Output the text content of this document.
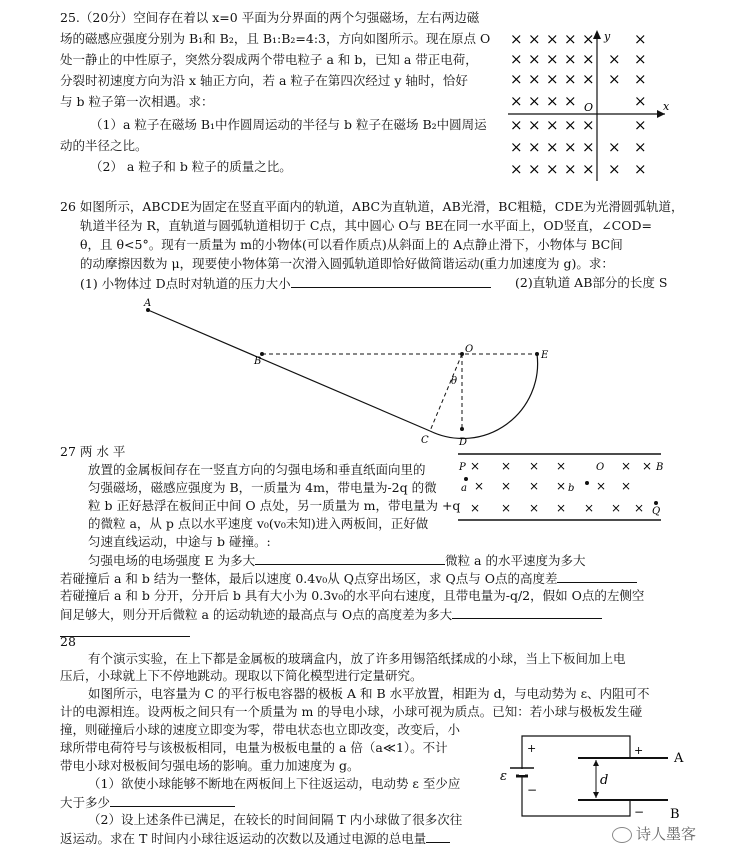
25.（20分）空间存在着以 x=0 平面为分界面的两个匀强磁场，左右两边磁
场的磁感应强度分别为 B₁和 B₂，且 B₁:B₂=4:3，方向如图所示。现在原点 O
处一静止的中性原子，突然分裂成两个带电粒子 a 和 b，已知 a 带正电荷，
分裂时初速度方向为沿 x 轴正方向，若 a 粒子在第四次经过 y 轴时，恰好
与 b 粒子第一次相遇。求：
（1）a 粒子在磁场 B₁中作圆周运动的半径与 b 粒子在磁场 B₂中圆周运
动的半径之比。
（2） a 粒子和 b 粒子的质量之比。
y
x
O
× × × × ×	×
× × × × ×	×
× × × × ×	×
× × × ×	×
× × × × ×	×
× × × × ×	×
× × × × ×	×
×
×
×
×
26 如图所示，ABCDE为固定在竖直平面内的轨道，ABC为直轨道，AB光滑，BC粗糙，CDE为光滑圆弧轨道，
轨道半径为 R，直轨道与圆弧轨道相切于 C点，其中圆心 O与 BE在同一水平面上，OD竖直，∠COD=
θ，且 θ<5°。现有一质量为 m的小物体(可以看作质点)从斜面上的 A点静止滑下，小物体与 BC间
的动摩擦因数为 μ，现要使小物体第一次滑入圆弧轨道即恰好做简谐运动(重力加速度为 g)。求：
(1) 小物体过 D点时对轨道的压力大小	(2)直轨道 AB部分的长度 S
A
B
C	D
O
E
θ
27 两 水 平
放置的金属板间存在一竖直方向的匀强电场和垂直纸面向里的
匀强磁场，磁感应强度为 B，一质量为 4m，带电量为-2q 的微
粒 b 正好悬浮在板间正中间 O 点处，另一质量为 m，带电量为 +q
的微粒 a，从 p 点以水平速度 v₀(v₀未知)进入两板间，正好做
匀速直线运动，中途与 b 碰撞。:
匀强电场的电场强度 E 为多大	微粒 a 的水平速度为多大
若碰撞后 a 和 b 结为一整体，最后以速度 0.4v₀从 Q点穿出场区，求 Q点与 O点的高度差
若碰撞后 a 和 b 分开，分开后 b 具有大小为 0.3v₀的水平向右速度，且带电量为-q/2，假如 O点的左侧空
间足够大，则分开后微粒 a 的运动轨迹的最高点与 O点的高度差为多大
× × × ×	× ×
× × × × × ×
× × × × × × ×
P	O	B
Q
a	b
28
有个演示实验，在上下都是金属板的玻璃盒内，放了许多用锡箔纸揉成的小球，当上下板间加上电
压后，小球就上下不停地跳动。现取以下简化模型进行定量研究。
如图所示，电容量为 C 的平行板电容器的极板 A 和 B 水平放置，相距为 d，与电动势为 ε、内阻可不
计的电源相连。设两板之间只有一个质量为 m 的导电小球，小球可视为质点。已知：若小球与极板发生碰
撞，则碰撞后小球的速度立即变为零，带电状态也立即改变，改变后，小
球所带电荷符号与该极板相同，电量为极板电量的 a 倍（a≪1）。不计
带电小球对极板间匀强电场的影响。重力加速度为 g。
（1）欲使小球能够不断地在两板间上下往返运动，电动势 ε 至少应
大于多少
（2）设上述条件已满足，在较长的时间间隔 T 内小球做了很多次往
返运动。求在 T 时间内小球往返运动的次数以及通过电源的总电量
+
−
ε
+
−
A
B
d
诗人墨客
